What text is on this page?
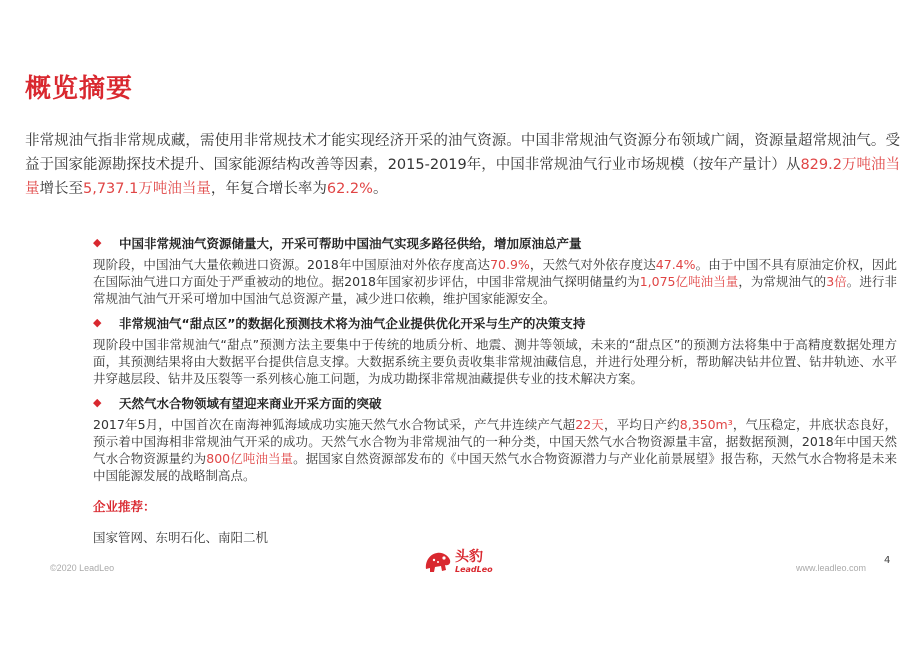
概览摘要
非常规油气指非常规成藏，需使用非常规技术才能实现经济开采的油气资源。中国非常规油气资源分布领域广阔，资源量超常规油气。受益于国家能源勘探技术提升、国家能源结构改善等因素，2015-2019年，中国非常规油气行业市场规模（按年产量计）从829.2万吨油当量增长至5,737.1万吨油当量，年复合增长率为62.2%。
◆	中国非常规油气资源储量大，开采可帮助中国油气实现多路径供给，增加原油总产量
现阶段，中国油气大量依赖进口资源。2018年中国原油对外依存度高达70.9%，天然气对外依存度达47.4%。由于中国不具有原油定价权，因此在国际油气进口方面处于严重被动的地位。据2018年国家初步评估，中国非常规油气探明储量约为1,075亿吨油当量，为常规油气的3倍。进行非常规油气油气开采可增加中国油气总资源产量，减少进口依赖，维护国家能源安全。
◆	非常规油气“甜点区”的数据化预测技术将为油气企业提供优化开采与生产的决策支持
现阶段中国非常规油气“甜点”预测方法主要集中于传统的地质分析、地震、测井等领域，未来的“甜点区”的预测方法将集中于高精度数据处理方面，其预测结果将由大数据平台提供信息支撑。大数据系统主要负责收集非常规油藏信息，并进行处理分析，帮助解决钻井位置、钻井轨迹、水平井穿越层段、钻井及压裂等一系列核心施工问题，为成功勘探非常规油藏提供专业的技术解决方案。
◆	天然气水合物领域有望迎来商业开采方面的突破
2017年5月，中国首次在南海神狐海域成功实施天然气水合物试采，产气井连续产气超22天，平均日产约8,350m³，气压稳定，井底状态良好，预示着中国海相非常规油气开采的成功。天然气水合物为非常规油气的一种分类，中国天然气水合物资源量丰富，据数据预测，2018年中国天然气水合物资源量约为800亿吨油当量。据国家自然资源部发布的《中国天然气水合物资源潜力与产业化前景展望》报告称，天然气水合物将是未来中国能源发展的战略制高点。
企业推荐：
国家管网、东明石化、南阳二机
©2020 LeadLeo
头豹
LeadLeo	www.leadleo.com
4
